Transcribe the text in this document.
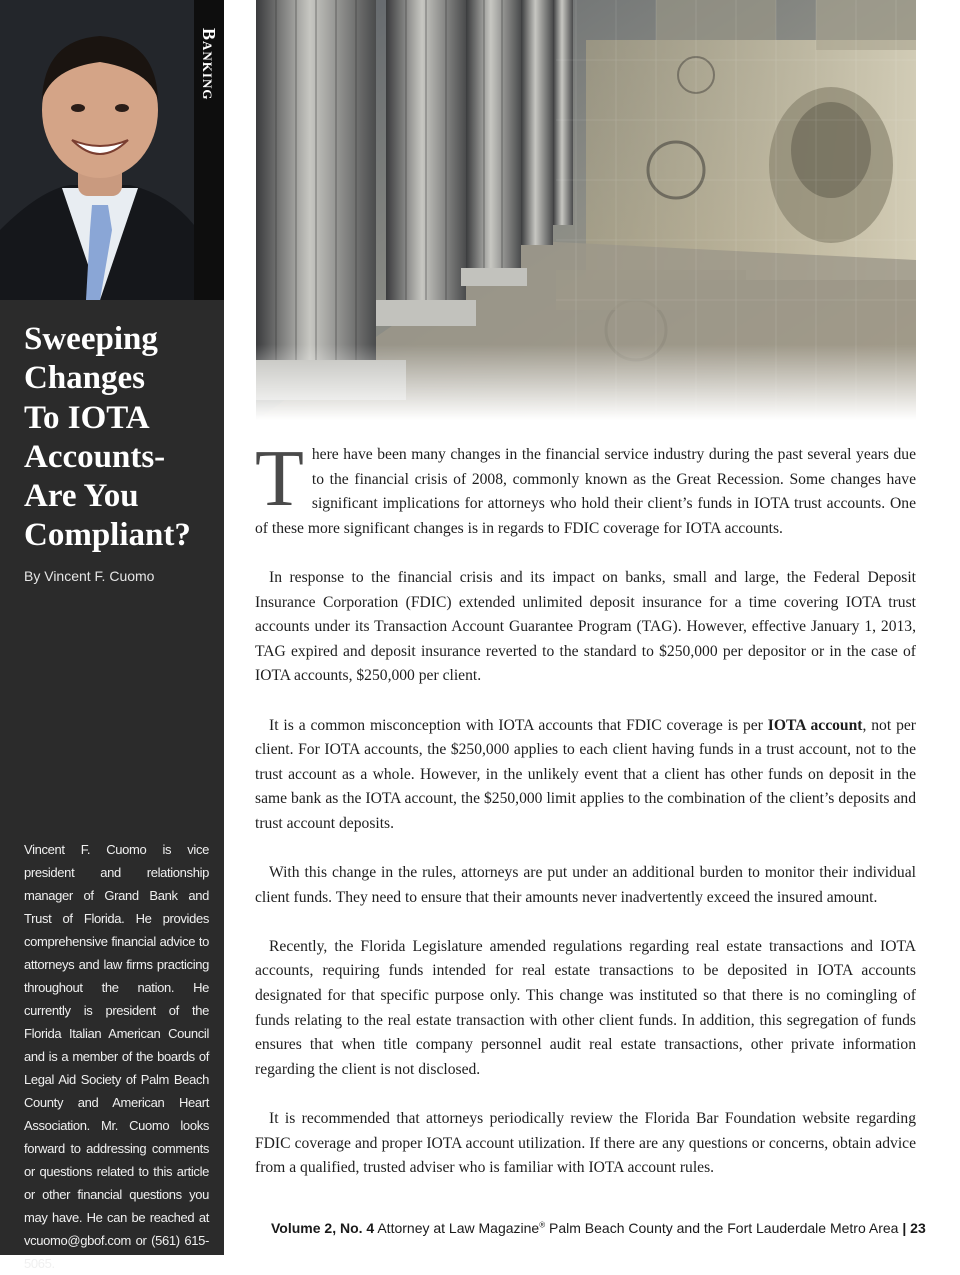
Banking
Sweeping
Changes
To IOTA
Accounts-
Are You
Compliant?
By Vincent F. Cuomo

Vincent F. Cuomo is vice president and relationship manager of Grand Bank and Trust of Florida. He provides comprehensive financial advice to attorneys and law firms practicing throughout the nation. He currently is president of the Florida Italian American Council and is a member of the boards of Legal Aid Society of Palm Beach County and American Heart Association. Mr. Cuomo looks forward to addressing comments or questions related to this article or other financial questions you may have. He can be reached at vcuomo@gbof.com or (561) 615-5065.

There have been many changes in the financial service industry during the past several years due to the financial crisis of 2008, commonly known as the Great Recession. Some changes have significant implications for attorneys who hold their client’s funds in IOTA trust accounts. One of these more significant changes is in regards to FDIC coverage for IOTA accounts.

In response to the financial crisis and its impact on banks, small and large, the Federal Deposit Insurance Corporation (FDIC) extended unlimited deposit insurance for a time covering IOTA trust accounts under its Transaction Account Guarantee Program (TAG). However, effective January 1, 2013, TAG expired and deposit insurance reverted to the standard to $250,000 per depositor or in the case of IOTA accounts, $250,000 per client.

It is a common misconception with IOTA accounts that FDIC coverage is per IOTA account, not per client. For IOTA accounts, the $250,000 applies to each client having funds in a trust account, not to the trust account as a whole. However, in the unlikely event that a client has other funds on deposit in the same bank as the IOTA account, the $250,000 limit applies to the combination of the client’s deposits and trust account deposits.

With this change in the rules, attorneys are put under an additional burden to monitor their individual client funds. They need to ensure that their amounts never inadvertently exceed the insured amount.

Recently, the Florida Legislature amended regulations regarding real estate transactions and IOTA accounts, requiring funds intended for real estate transactions to be deposited in IOTA accounts designated for that specific purpose only. This change was instituted so that there is no comingling of funds relating to the real estate transaction with other client funds. In addition, this segregation of funds ensures that when title company personnel audit real estate transactions, other private information regarding the client is not disclosed.

It is recommended that attorneys periodically review the Florida Bar Foundation website regarding FDIC coverage and proper IOTA account utilization. If there are any questions or concerns, obtain advice from a qualified, trusted adviser who is familiar with IOTA account rules.

Volume 2, No. 4 Attorney at Law Magazine® Palm Beach County and the Fort Lauderdale Metro Area | 23
